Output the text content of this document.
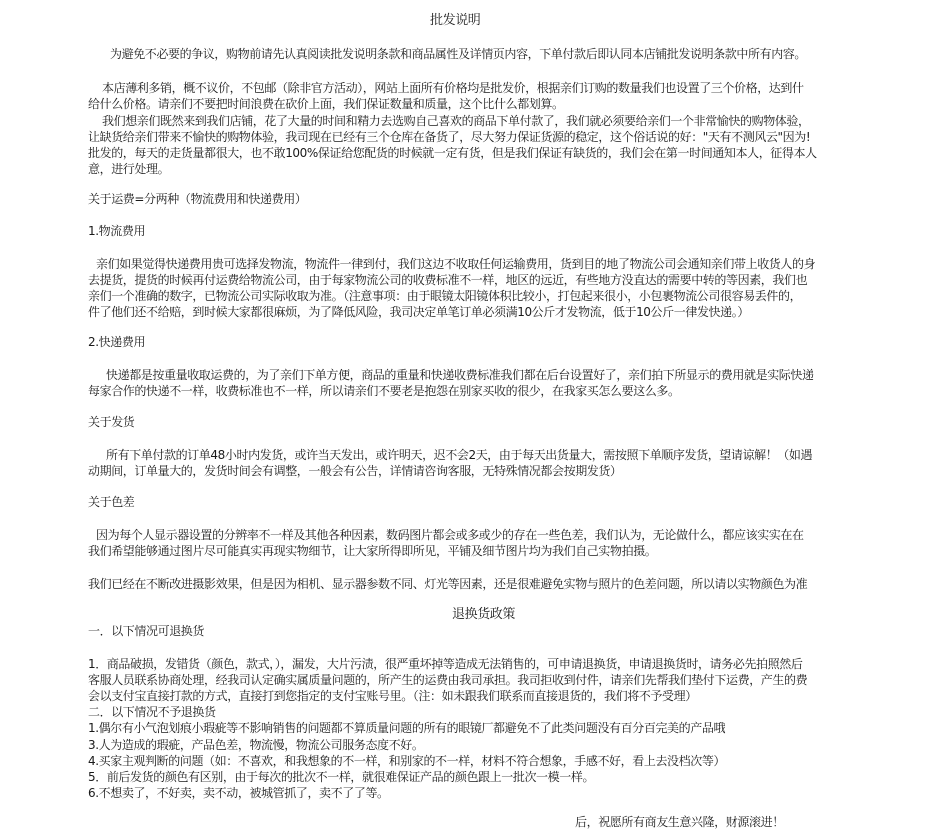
批发说明
为避免不必要的争议，购物前请先认真阅读批发说明条款和商品属性及详情页内容，下单付款后即认同本店铺批发说明条款中所有内容。
本店薄利多销，概不议价，不包邮（除非官方活动），网站上面所有价格均是批发价，根据亲们订购的数量我们也设置了三个价格，达到什
给什么价格。请亲们不要把时间浪费在砍价上面，我们保证数量和质量，这个比什么都划算。
我们想亲们既然来到我们店铺，花了大量的时间和精力去选购自己喜欢的商品下单付款了，我们就必须要给亲们一个非常愉快的购物体验，
让缺货给亲们带来不愉快的购物体验，我司现在已经有三个仓库在备货了，尽大努力保证货源的稳定，这个俗话说的好："天有不测风云"因为!
批发的，每天的走货量都很大，也不敢100%保证给您配货的时候就一定有货，但是我们保证有缺货的，我们会在第一时间通知本人，征得本人
意，进行处理。
关于运费=分两种（物流费用和快递费用）
1.物流费用
亲们如果觉得快递费用贵可选择发物流，物流件一律到付，我们这边不收取任何运输费用，货到目的地了物流公司会通知亲们带上收货人的身
去提货，提货的时候再付运费给物流公司，由于每家物流公司的收费标准不一样，地区的远近，有些地方没直达的需要中转的等因素，我们也
亲们一个准确的数字，已物流公司实际收取为准。（注意事项：由于眼镜太阳镜体积比较小，打包起来很小，小包裹物流公司很容易丢件的，
件了他们还不给赔，到时候大家都很麻烦，为了降低风险，我司决定单笔订单必须满10公斤才发物流，低于10公斤一律发快递。）
2.快递费用
快递都是按重量收取运费的，为了亲们下单方便，商品的重量和快递收费标准我们都在后台设置好了，亲们拍下所显示的费用就是实际快递
每家合作的快递不一样，收费标准也不一样，所以请亲们不要老是抱怨在别家买收的很少，在我家买怎么要这么多。
关于发货
所有下单付款的订单48小时内发货，或许当天发出，或许明天，迟不会2天，由于每天出货量大，需按照下单顺序发货，望请谅解！（如遇
动期间，订单量大的，发货时间会有调整，一般会有公告，详情请咨询客服，无特殊情况都会按期发货）
关于色差
因为每个人显示器设置的分辨率不一样及其他各种因素，数码图片都会或多或少的存在一些色差，我们认为，无论做什么，都应该实实在在
我们希望能够通过图片尽可能真实再现实物细节，让大家所得即所见，平铺及细节图片均为我们自己实物拍摄。
我们已经在不断改进摄影效果，但是因为相机、显示器参数不同、灯光等因素，还是很难避免实物与照片的色差问题，所以请以实物颜色为准
退换货政策
一．以下情况可退换货
1．商品破损，发错货（颜色，款式，），漏发，大片污渍，很严重坏掉等造成无法销售的，可申请退换货，申请退换货时，请务必先拍照然后
客服人员联系协商处理，经我司认定确实属质量问题的，所产生的运费由我司承担。我司拒收到付件，请亲们先帮我们垫付下运费，产生的费
会以支付宝直接打款的方式，直接打到您指定的支付宝账号里。（注：如未跟我们联系而直接退货的，我们将不予受理）
二．以下情况不予退换货
1.偶尔有小气泡划痕小瑕疵等不影响销售的问题都不算质量问题的所有的眼镜厂都避免不了此类问题没有百分百完美的产品哦
3.人为造成的瑕疵，产品色差，物流慢，物流公司服务态度不好。
4.买家主观判断的问题（如：不喜欢，和我想象的不一样，和别家的不一样，材料不符合想象，手感不好，看上去没档次等）
5．前后发货的颜色有区别，由于每次的批次不一样，就很难保证产品的颜色跟上一批次一模一样。
6.不想卖了，不好卖，卖不动，被城管抓了，卖不了了等。
后，祝愿所有商友生意兴隆，财源滚进！
